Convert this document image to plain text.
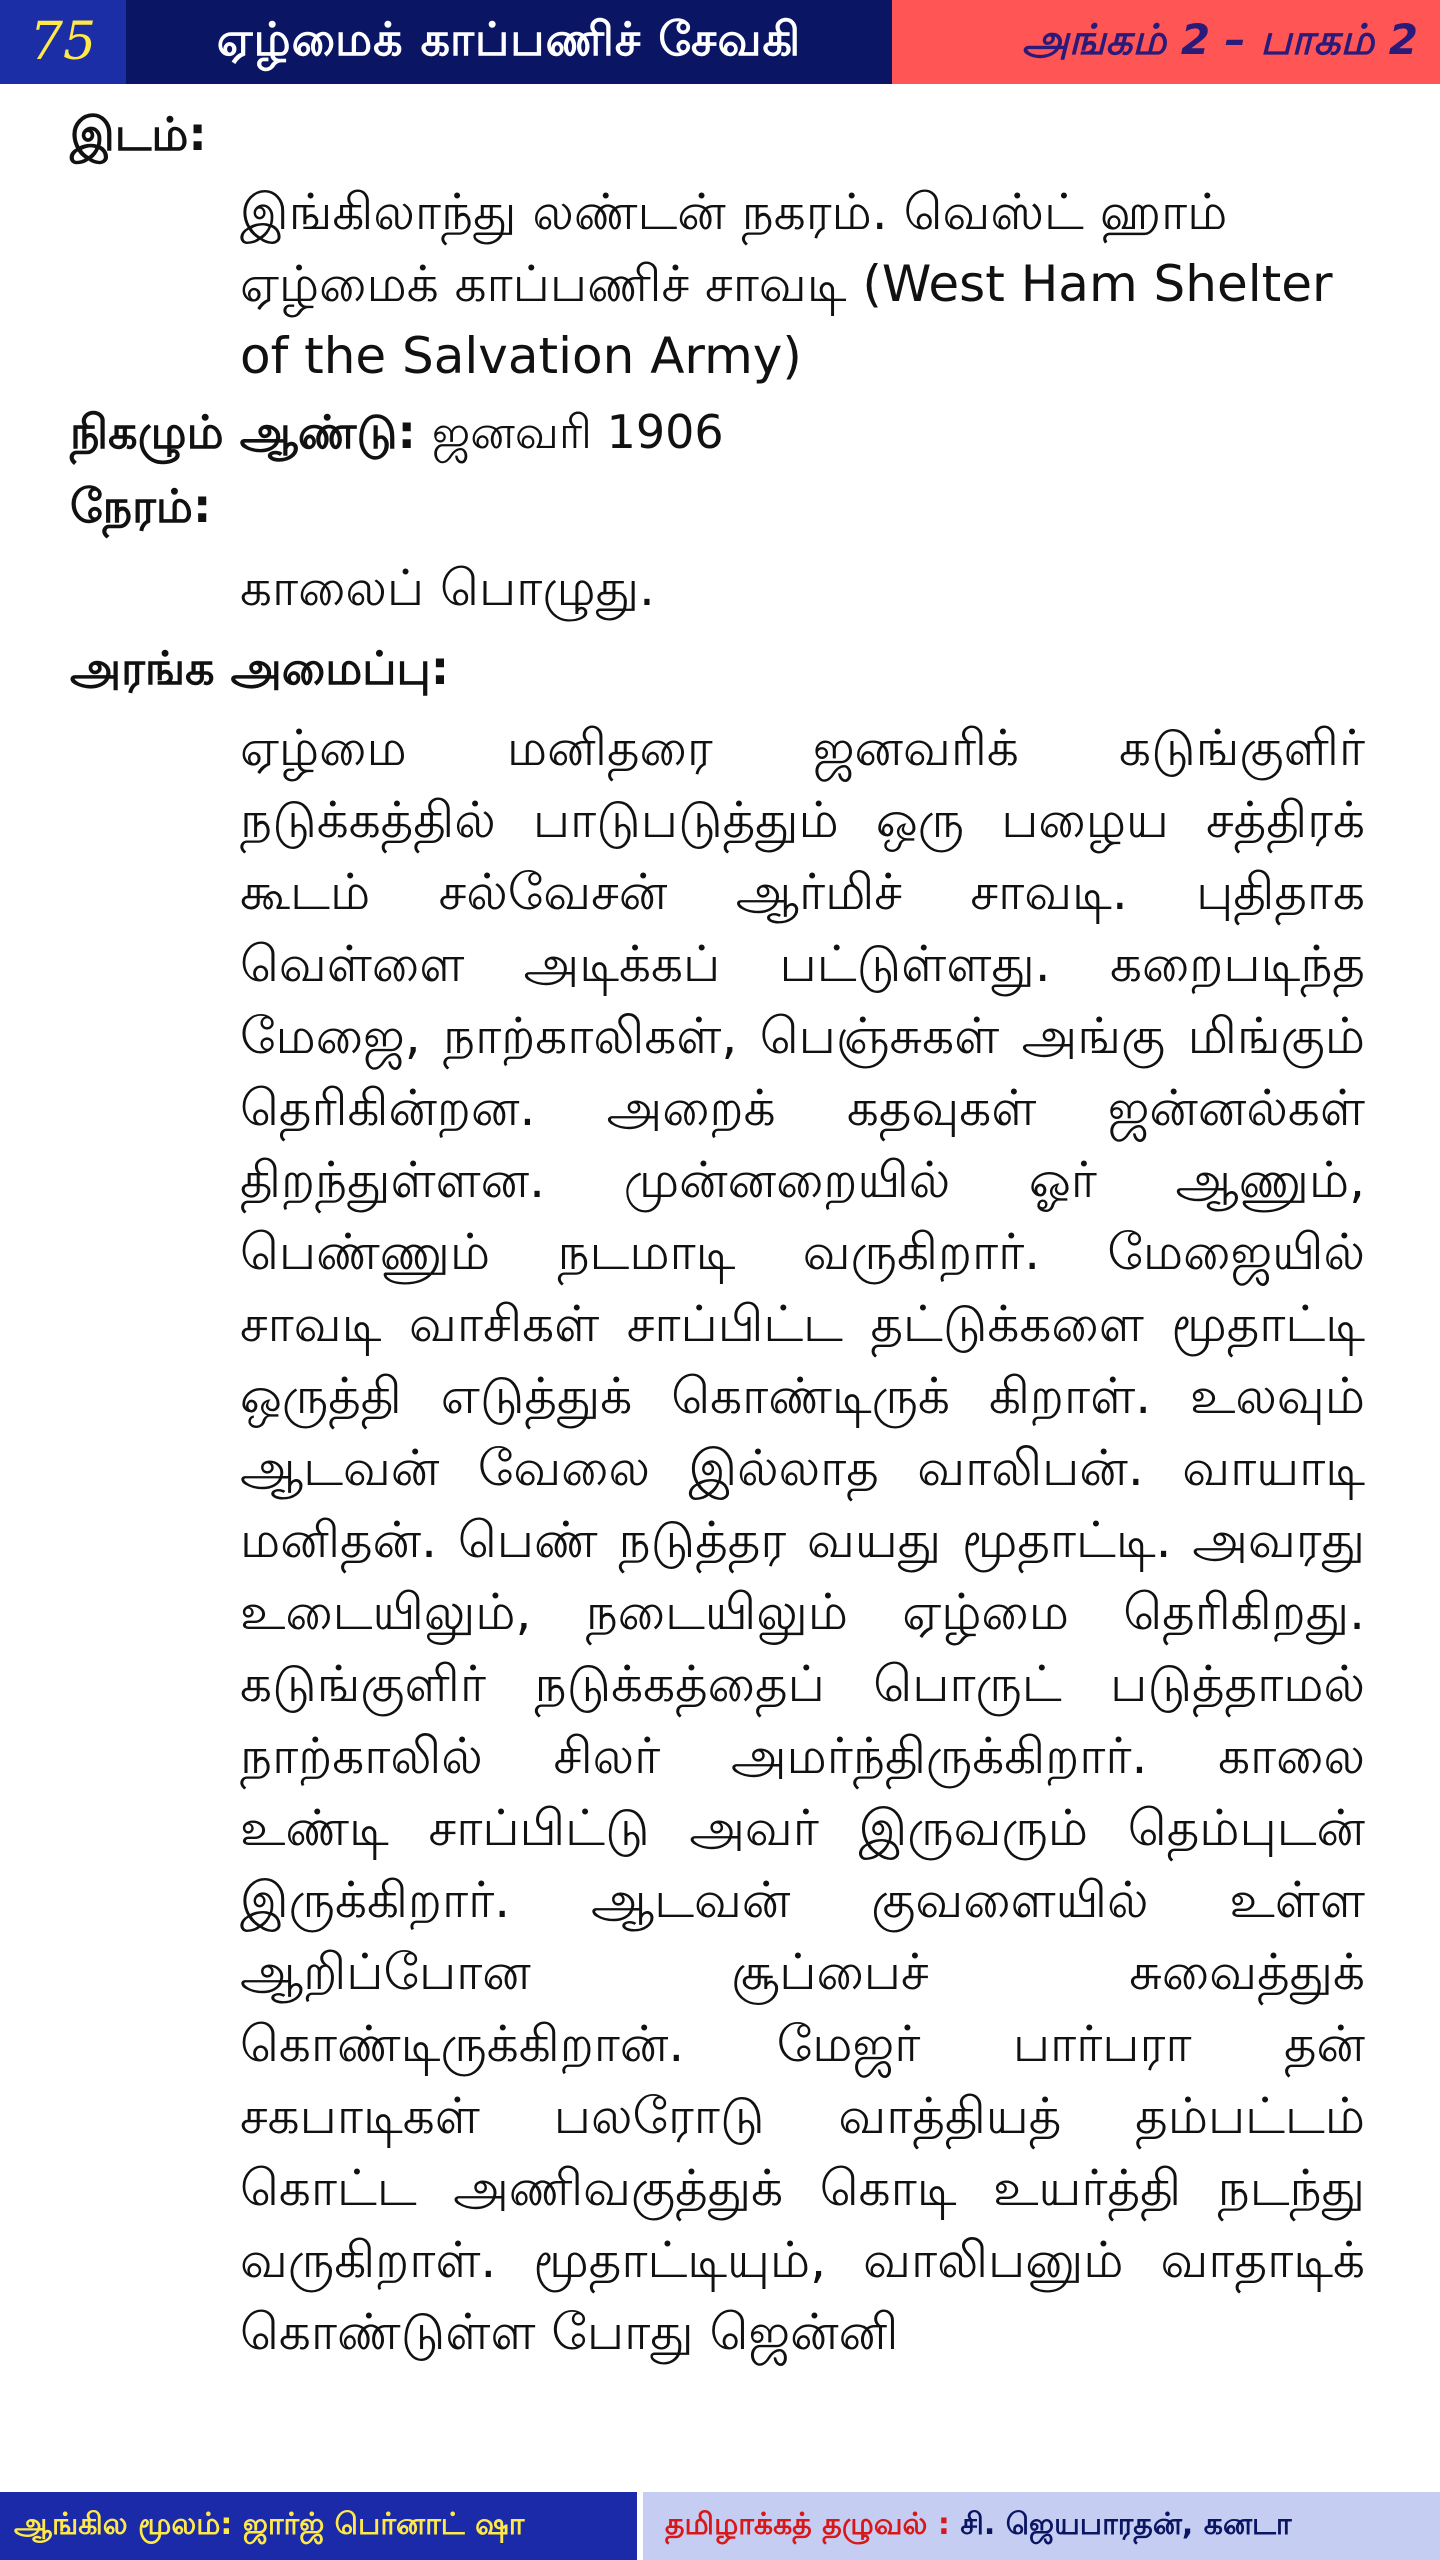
75	ஏழ்மைக் காப்பணிச் சேவகி	அங்கம் 2 – பாகம் 2
இடம்:
இங்கிலாந்து லண்டன் நகரம். வெஸ்ட் ஹாம் ஏழ்மைக் காப்பணிச் சாவடி (West Ham Shelter of the Salvation Army)
நிகழும் ஆண்டு: ஜனவரி 1906
நேரம்:
காலைப் பொழுது.
அரங்க அமைப்பு:
ஏழ்மை மனிதரை ஜனவரிக் கடுங்குளிர் நடுக்கத்தில் பாடுபடுத்தும் ஒரு பழைய சத்திரக் கூடம் சல்வேசன் ஆர்மிச் சாவடி. புதிதாக வெள்ளை அடிக்கப் பட்டுள்ளது. கறைபடிந்த மேஜை, நாற்காலிகள், பெஞ்சுகள் அங்கு மிங்கும் தெரிகின்றன. அறைக் கதவுகள் ஜன்னல்கள் திறந்துள்ளன. முன்னறையில் ஓர் ஆணும், பெண்ணும் நடமாடி வருகிறார். மேஜையில் சாவடி வாசிகள் சாப்பிட்ட தட்டுக்களை மூதாட்டி ஒருத்தி எடுத்துக் கொண்டிருக் கிறாள். உலவும் ஆடவன் வேலை இல்லாத வாலிபன். வாயாடி மனிதன். பெண் நடுத்தர வயது மூதாட்டி. அவரது உடையிலும், நடையிலும் ஏழ்மை தெரிகிறது. கடுங்குளிர் நடுக்கத்தைப் பொருட் படுத்தாமல் நாற்காலில் சிலர் அமர்ந்திருக்கிறார். காலை உண்டி சாப்பிட்டு அவர் இருவரும் தெம்புடன் இருக்கிறார். ஆடவன் குவளையில் உள்ள ஆறிப்போன சூப்பைச் சுவைத்துக் கொண்டிருக்கிறான். மேஜர் பார்பரா தன் சகபாடிகள் பலரோடு வாத்தியத் தம்பட்டம் கொட்ட அணிவகுத்துக் கொடி உயர்த்தி நடந்து வருகிறாள். மூதாட்டியும், வாலிபனும் வாதாடிக் கொண்டுள்ள போது ஜென்னி
ஆங்கில மூலம்: ஜார்ஜ் பெர்னாட் ஷா	தமிழாக்கத் தழுவல் :
சி. ஜெயபாரதன், கனடா
